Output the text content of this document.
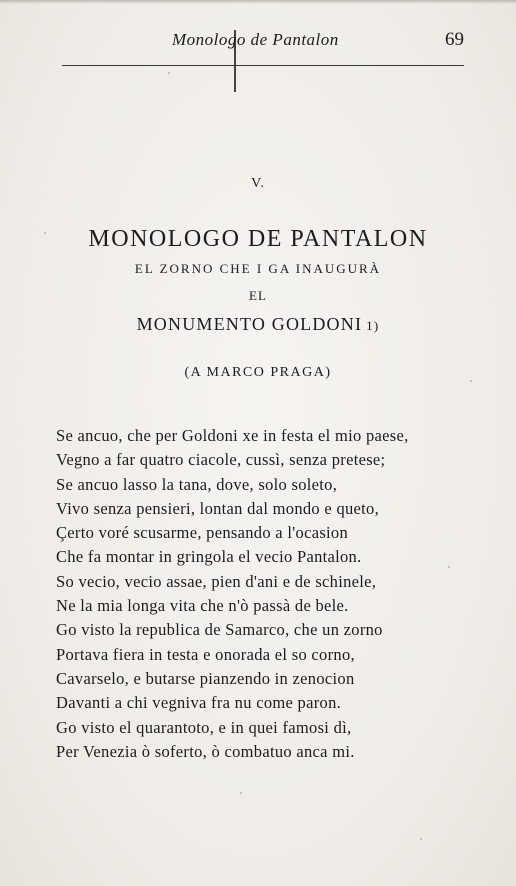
Monologo de Pantalon	69
V.
MONOLOGO DE PANTALON
EL ZORNO CHE I GA INAUGURÀ
EL
MONUMENTO GOLDONI 1)
(A MARCO PRAGA)
Se ancuo, che per Goldoni xe in festa el mio paese,
Vegno a far quatro ciacole, cussì, senza pretese;
Se ancuo lasso la tana, dove, solo soleto,
Vivo senza pensieri, lontan dal mondo e queto,
Çerto voré scusarme, pensando a l'ocasion
Che fa montar in gringola el vecio Pantalon.
So vecio, vecio assae, pien d'ani e de schinele,
Ne la mia longa vita che n'ò passà de bele.
Go visto la republica de Samarco, che un zorno
Portava fiera in testa e onorada el so corno,
Cavarselo, e butarse pianzendo in zenocion
Davanti a chi vegniva fra nu come paron.
Go visto el quarantoto, e in quei famosi dì,
Per Venezia ò soferto, ò combatuo anca mi.
